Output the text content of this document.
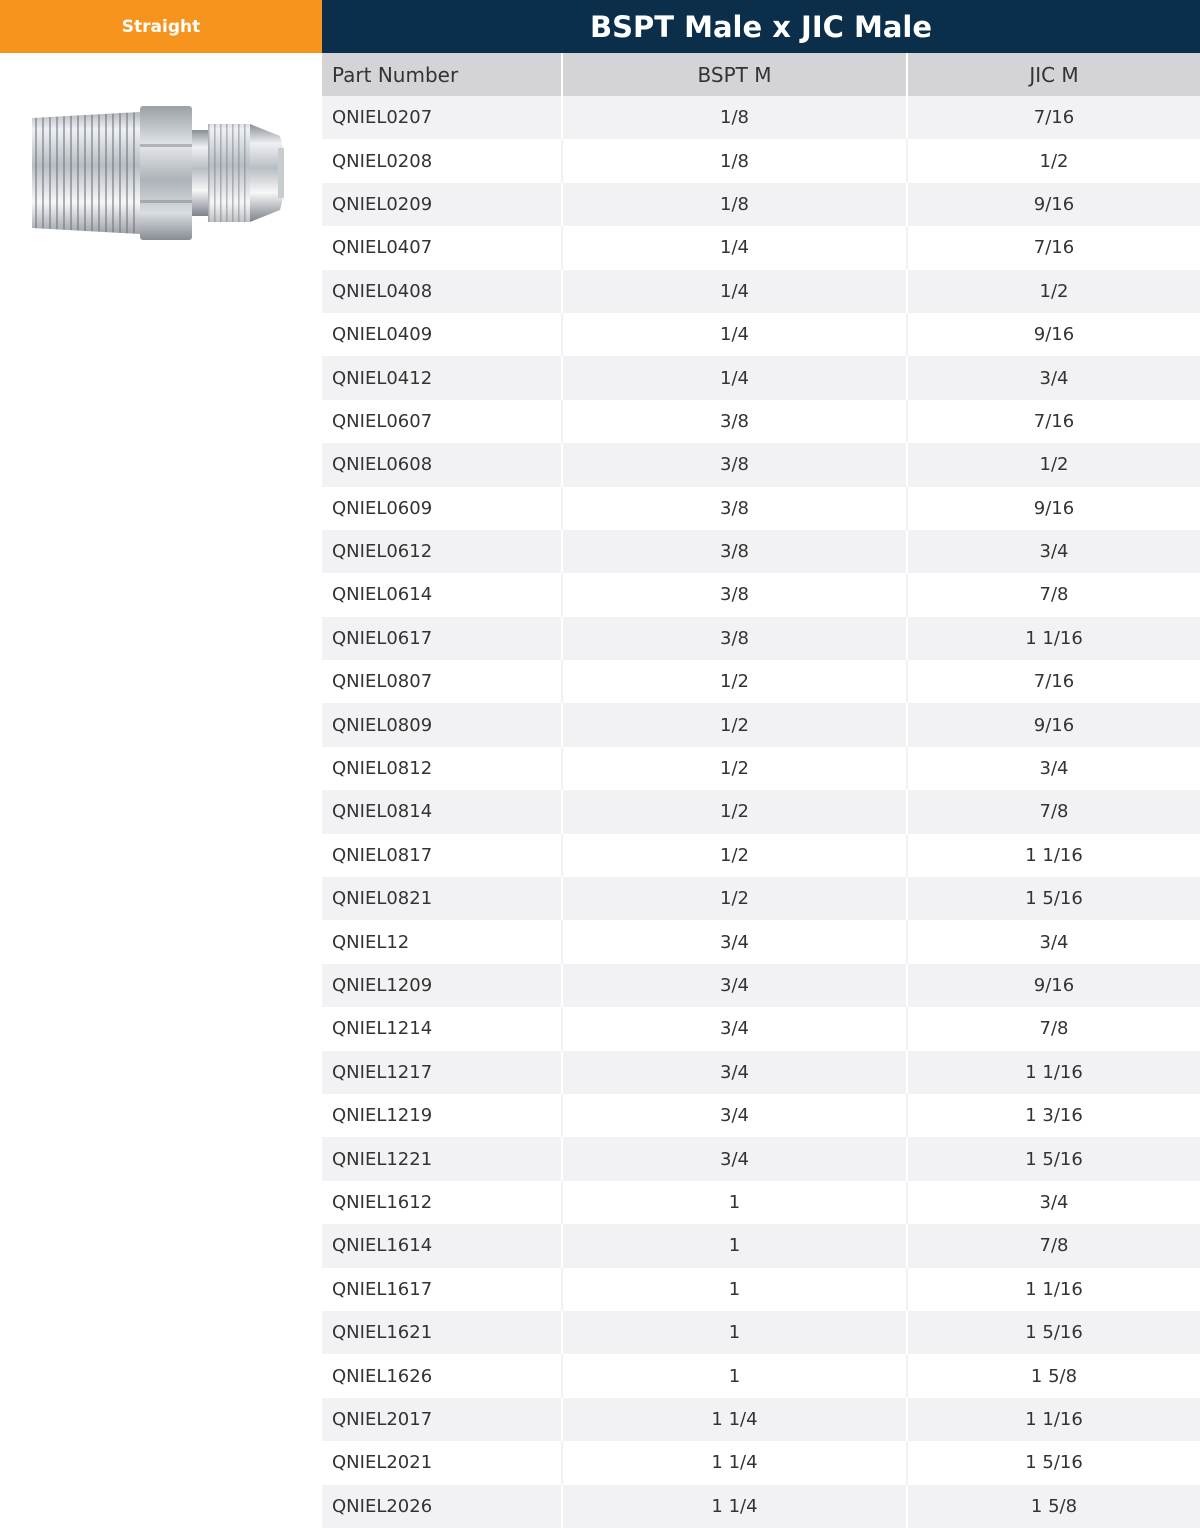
Straight	BSPT Male x JIC Male
Part Number	BSPT M	JIC M
QNIEL0207	1/8	7/16
QNIEL0208	1/8	1/2
QNIEL0209	1/8	9/16
QNIEL0407	1/4	7/16
QNIEL0408	1/4	1/2
QNIEL0409	1/4	9/16
QNIEL0412	1/4	3/4
QNIEL0607	3/8	7/16
QNIEL0608	3/8	1/2
QNIEL0609	3/8	9/16
QNIEL0612	3/8	3/4
QNIEL0614	3/8	7/8
QNIEL0617	3/8	1 1/16
QNIEL0807	1/2	7/16
QNIEL0809	1/2	9/16
QNIEL0812	1/2	3/4
QNIEL0814	1/2	7/8
QNIEL0817	1/2	1 1/16
QNIEL0821	1/2	1 5/16
QNIEL12	3/4	3/4
QNIEL1209	3/4	9/16
QNIEL1214	3/4	7/8
QNIEL1217	3/4	1 1/16
QNIEL1219	3/4	1 3/16
QNIEL1221	3/4	1 5/16
QNIEL1612	1	3/4
QNIEL1614	1	7/8
QNIEL1617	1	1 1/16
QNIEL1621	1	1 5/16
QNIEL1626	1	1 5/8
QNIEL2017	1 1/4	1 1/16
QNIEL2021	1 1/4	1 5/16
QNIEL2026	1 1/4	1 5/8
